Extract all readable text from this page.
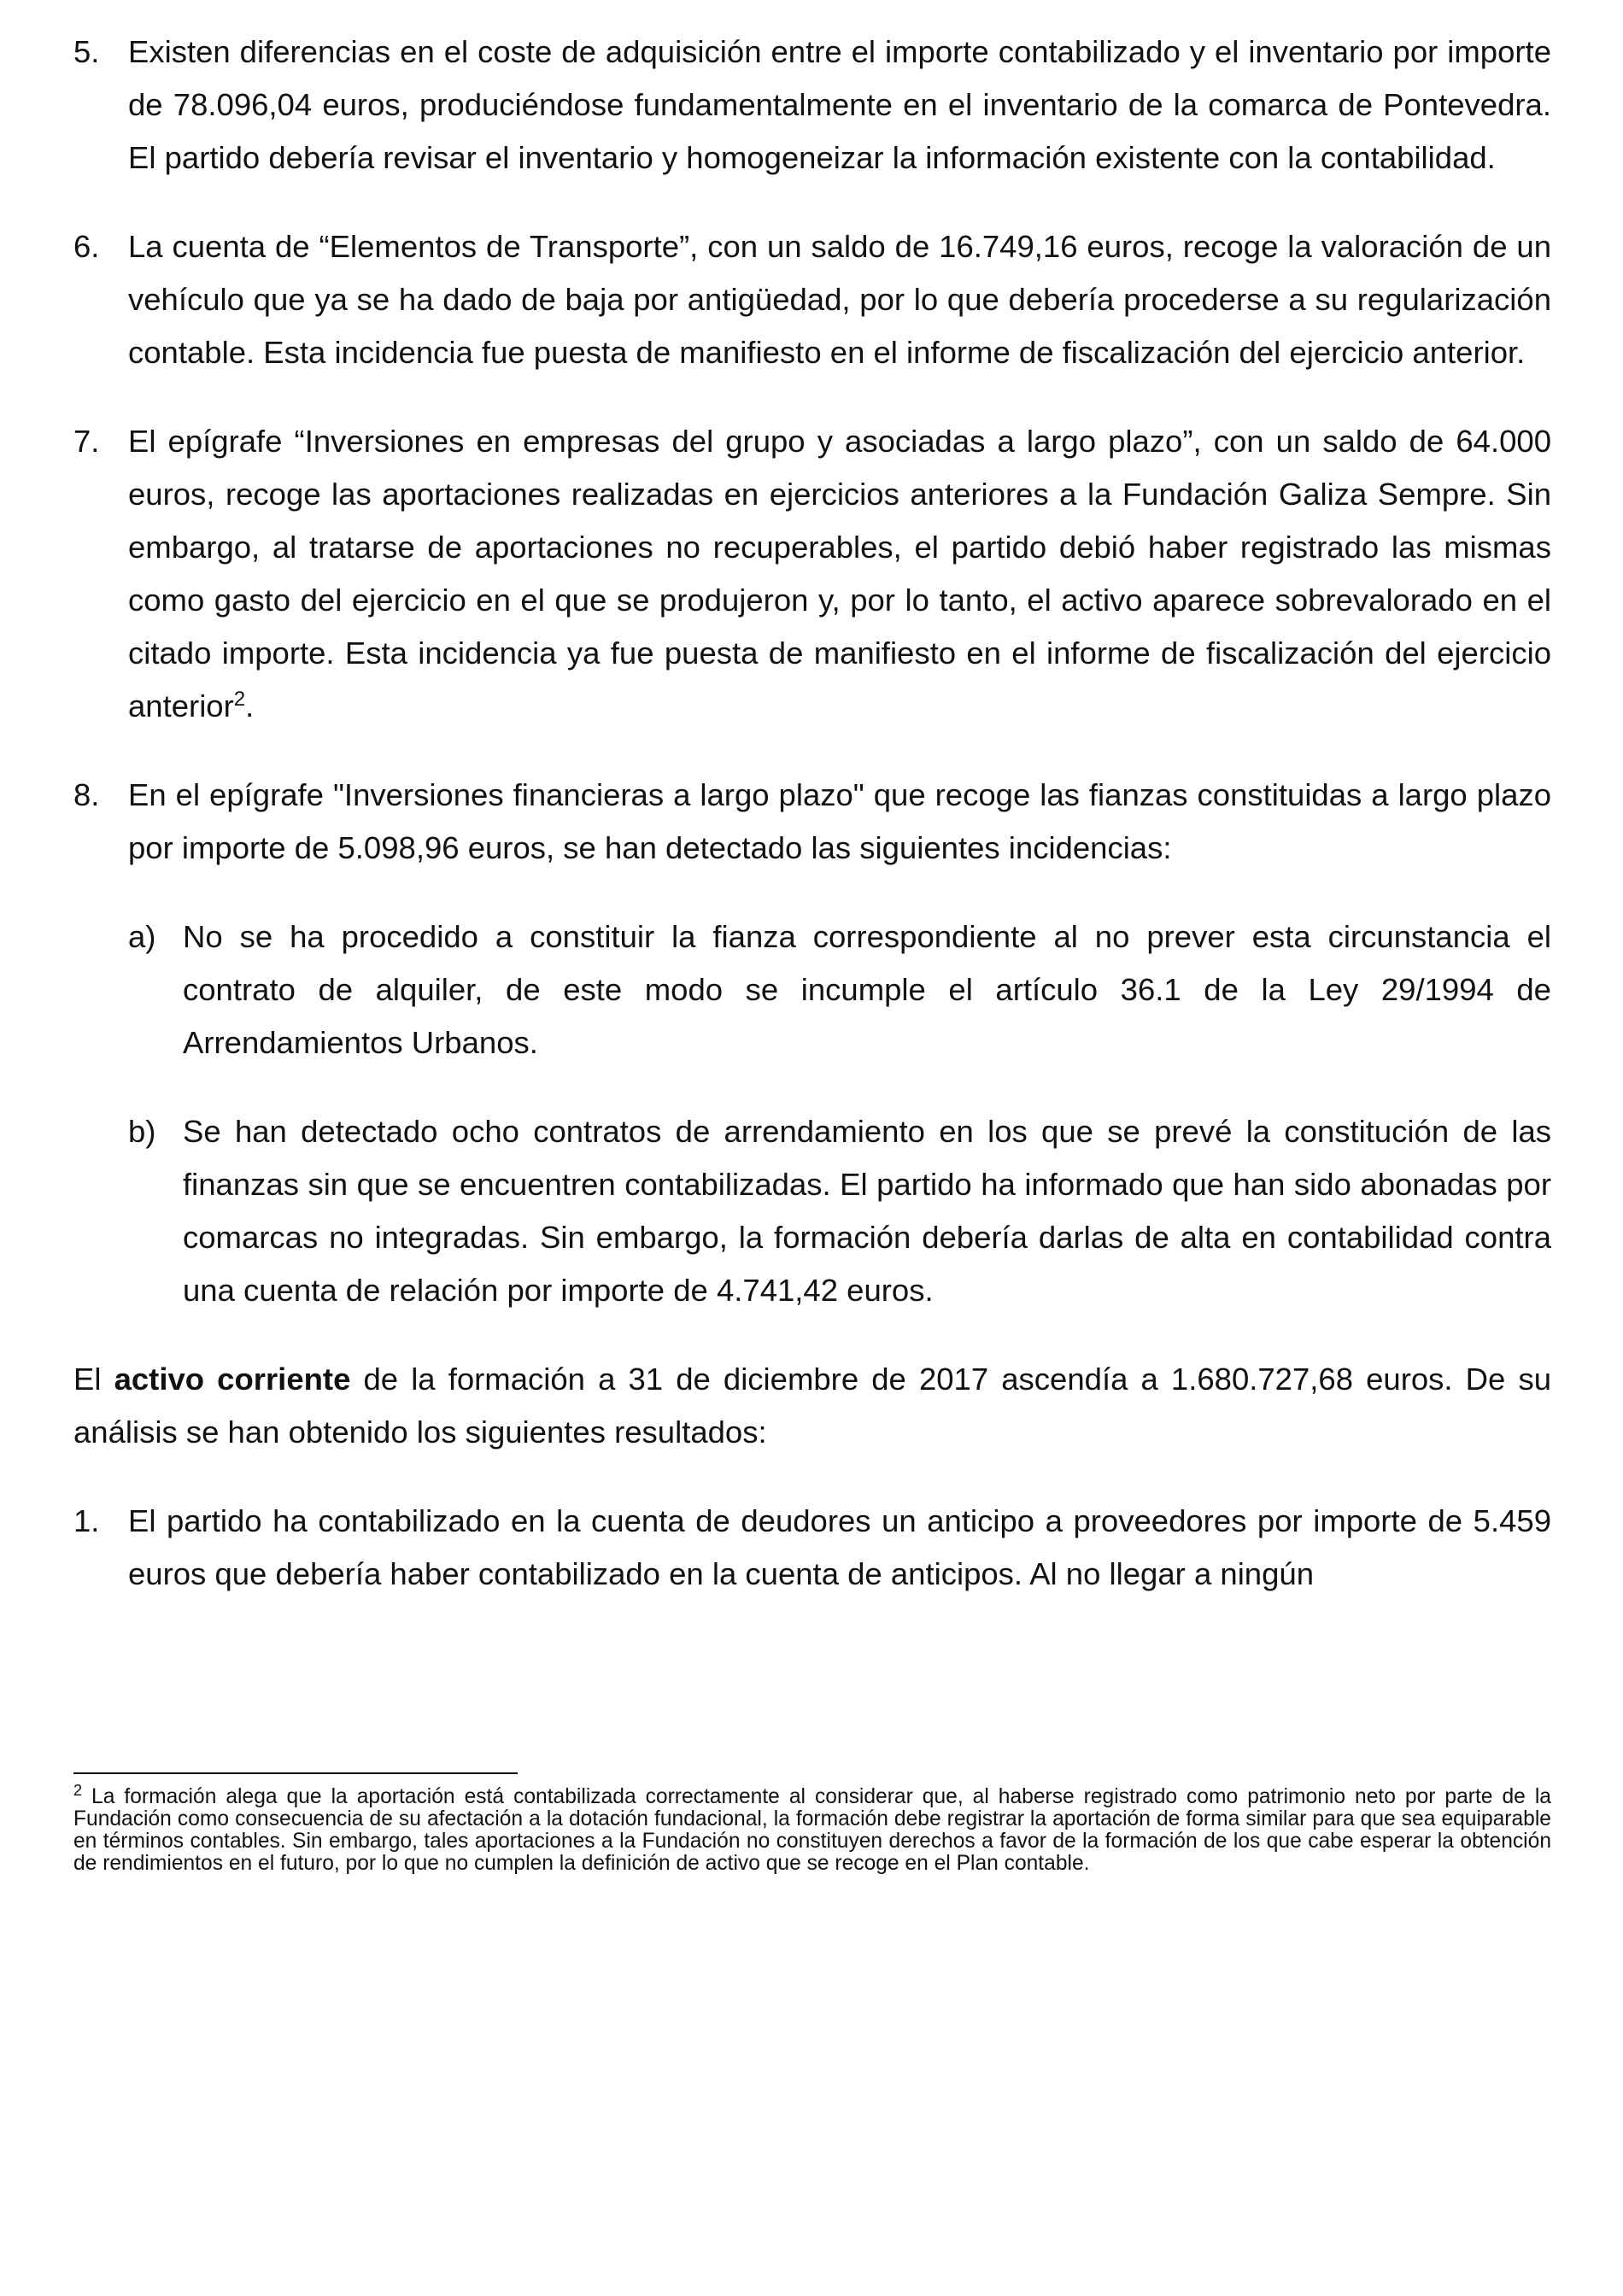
5. Existen diferencias en el coste de adquisición entre el importe contabilizado y el inventario por importe de 78.096,04 euros, produciéndose fundamentalmente en el inventario de la comarca de Pontevedra. El partido debería revisar el inventario y homogeneizar la información existente con la contabilidad.

6. La cuenta de “Elementos de Transporte”, con un saldo de 16.749,16 euros, recoge la valoración de un vehículo que ya se ha dado de baja por antigüedad, por lo que debería procederse a su regularización contable. Esta incidencia fue puesta de manifiesto en el informe de fiscalización del ejercicio anterior.

7. El epígrafe “Inversiones en empresas del grupo y asociadas a largo plazo”, con un saldo de 64.000 euros, recoge las aportaciones realizadas en ejercicios anteriores a la Fundación Galiza Sempre. Sin embargo, al tratarse de aportaciones no recuperables, el partido debió haber registrado las mismas como gasto del ejercicio en el que se produjeron y, por lo tanto, el activo aparece sobrevalorado en el citado importe. Esta incidencia ya fue puesta de manifiesto en el informe de fiscalización del ejercicio anterior$^2$.

8. En el epígrafe "Inversiones financieras a largo plazo" que recoge las fianzas constituidas a largo plazo por importe de 5.098,96 euros, se han detectado las siguientes incidencias:

a) No se ha procedido a constituir la fianza correspondiente al no prever esta circunstancia el contrato de alquiler, de este modo se incumple el artículo 36.1 de la Ley 29/1994 de Arrendamientos Urbanos.

b) Se han detectado ocho contratos de arrendamiento en los que se prevé la constitución de las finanzas sin que se encuentren contabilizadas. El partido ha informado que han sido abonadas por comarcas no integradas. Sin embargo, la formación debería darlas de alta en contabilidad contra una cuenta de relación por importe de 4.741,42 euros.

El activo corriente de la formación a 31 de diciembre de 2017 ascendía a 1.680.727,68 euros. De su análisis se han obtenido los siguientes resultados:

1. El partido ha contabilizado en la cuenta de deudores un anticipo a proveedores por importe de 5.459 euros que debería haber contabilizado en la cuenta de anticipos. Al no llegar a ningún

$^2$ La formación alega que la aportación está contabilizada correctamente al considerar que, al haberse registrado como patrimonio neto por parte de la Fundación como consecuencia de su afectación a la dotación fundacional, la formación debe registrar la aportación de forma similar para que sea equiparable en términos contables. Sin embargo, tales aportaciones a la Fundación no constituyen derechos a favor de la formación de los que cabe esperar la obtención de rendimientos en el futuro, por lo que no cumplen la definición de activo que se recoge en el Plan contable.
